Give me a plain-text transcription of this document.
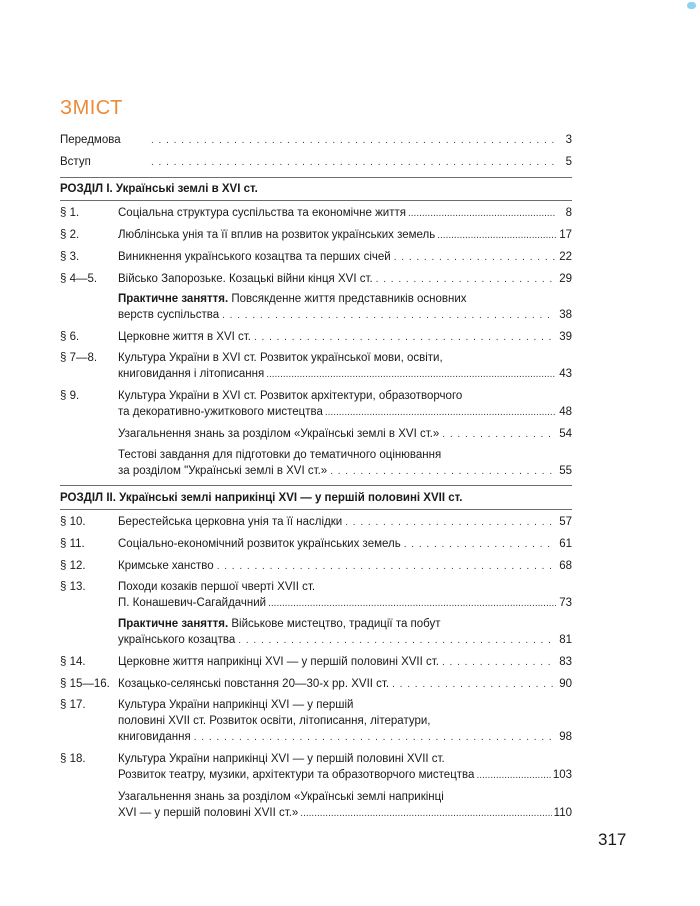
ЗМІСТ
Передмова . . .	3
Вступ . . .	5
РОЗДІЛ І. Українські землі в XVI ст.
§ 1.	Соціальна структура суспільства та економічне життя .....	8
§ 2.	Люблінська унія та її вплив на розвиток українських земель .....	17
§ 3.	Виникнення українського козацтва та перших січей . . .	22
§ 4—5.	Військо Запорозьке. Козацькі війни кінця XVI ст. . . .	29
Практичне заняття. Повсякденне життя представників основних
верств суспільства . . .	38
§ 6.	Церковне життя в XVI ст. . . .	39
§ 7—8.	Культура України в XVI ст. Розвиток української мови, освіти,
книговидання і літописання .....	43
§ 9.	Культура України в XVI ст. Розвиток архітектури, образотворчого
та декоративно-ужиткового мистецтва .....	48
Узагальнення знань за розділом «Українські землі в XVI ст.» . . .	54
Тестові завдання для підготовки до тематичного оцінювання
за розділом "Українські землі в XVI ст.» . . .	55
РОЗДІЛ ІІ. Українські землі наприкінці XVI — у першій половині XVII ст.
§ 10.	Берестейська церковна унія та її наслідки . . .	57
§ 11.	Соціально-економічний розвиток українських земель . . .	61
§ 12.	Кримське ханство . . .	68
§ 13.	Походи козаків першої чверті XVII ст.
П. Конашевич-Сагайдачний .....	73
Практичне заняття. Військове мистецтво, традиції та побут
українського козацтва . . .	81
§ 14.	Церковне життя наприкінці XVI — у першій половині XVII ст. . . .	83
§ 15—16. Козацько-селянські повстання 20—30-х рр. XVII ст. . . .	90
§ 17.	Культура України наприкінці XVI — у першій
половині XVII ст. Розвиток освіти, літописання, літератури,
книговидання . . .	98
§ 18.	Культура України наприкінці XVI — у першій половині XVII ст.
Розвиток театру, музики, архітектури та образотворчого мистецтва .....	103
Узагальнення знань за розділом «Українські землі наприкінці
XVI — у першій половині XVII ст.» .....	110
317
